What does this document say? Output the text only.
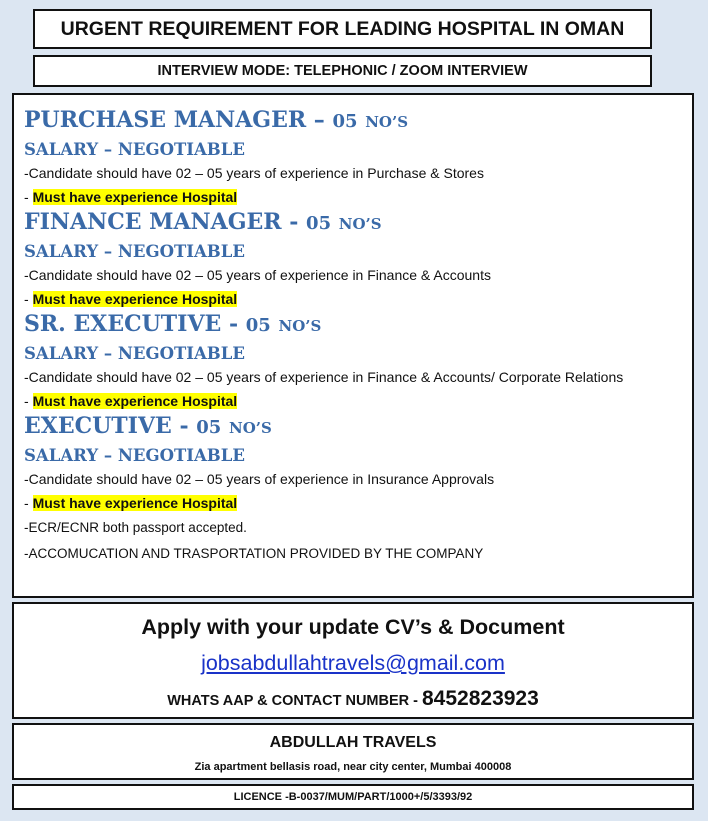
URGENT REQUIREMENT FOR LEADING HOSPITAL IN OMAN
INTERVIEW MODE: TELEPHONIC / ZOOM INTERVIEW
PURCHASE MANAGER – 05 NO’S
SALARY – NEGOTIABLE
-Candidate should have 02 – 05 years of experience in Purchase & Stores
- Must have experience Hospital
FINANCE MANAGER - 05 NO’S
SALARY – NEGOTIABLE
-Candidate should have 02 – 05 years of experience in Finance & Accounts
- Must have experience Hospital
SR. EXECUTIVE - 05 NO’S
SALARY – NEGOTIABLE
-Candidate should have 02 – 05 years of experience in Finance & Accounts/ Corporate Relations
- Must have experience Hospital
EXECUTIVE - 05 NO’S
SALARY – NEGOTIABLE
-Candidate should have 02 – 05 years of experience in Insurance Approvals
- Must have experience Hospital
-ECR/ECNR both passport accepted.
-ACCOMUCATION AND TRASPORTATION PROVIDED BY THE COMPANY
Apply with your update CV’s & Document
jobsabdullahtravels@gmail.com
WHATS AAP & CONTACT NUMBER - 8452823923
ABDULLAH TRAVELS
Zia apartment bellasis road, near city center, Mumbai 400008
LICENCE -B-0037/MUM/PART/1000+/5/3393/92
